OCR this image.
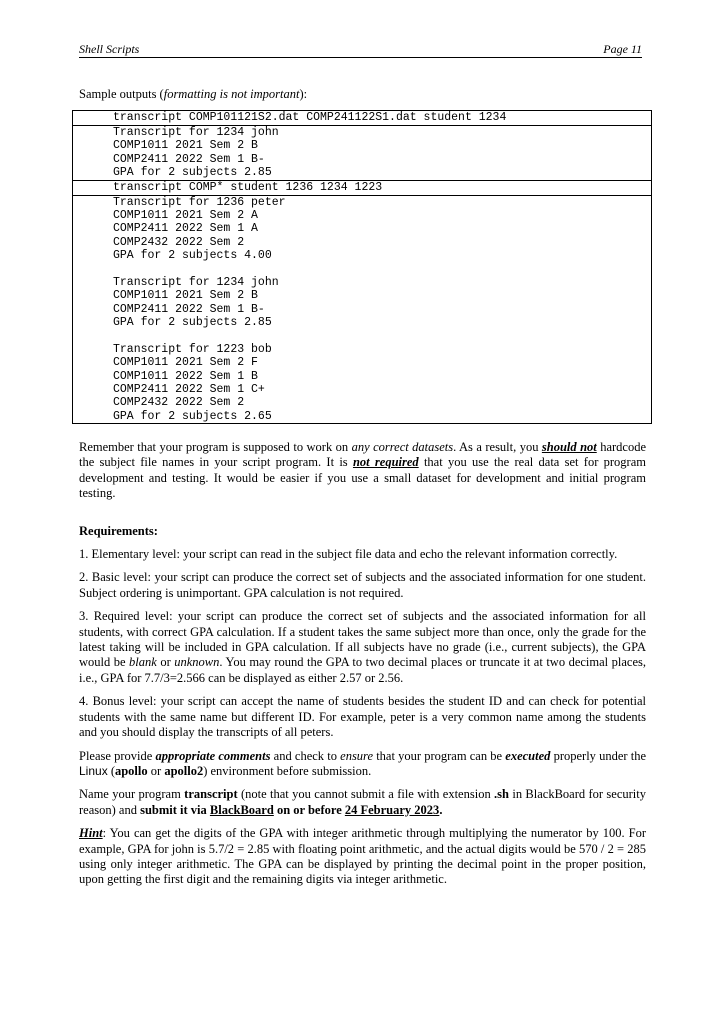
Shell Scripts	Page 11
Sample outputs (formatting is not important):
transcript COMP101121S2.dat COMP241122S1.dat student 1234
Transcript for 1234 john
COMP1011 2021 Sem 2 B
COMP2411 2022 Sem 1 B-
GPA for 2 subjects 2.85
transcript COMP* student 1236 1234 1223
Transcript for 1236 peter
COMP1011 2021 Sem 2 A
COMP2411 2022 Sem 1 A
COMP2432 2022 Sem 2
GPA for 2 subjects 4.00
Transcript for 1234 john
COMP1011 2021 Sem 2 B
COMP2411 2022 Sem 1 B-
GPA for 2 subjects 2.85
Transcript for 1223 bob
COMP1011 2021 Sem 2 F
COMP1011 2022 Sem 1 B
COMP2411 2022 Sem 1 C+
COMP2432 2022 Sem 2
GPA for 2 subjects 2.65

Remember that your program is supposed to work on any correct datasets. As a result, you should not hardcode the subject file names in your script program. It is not required that you use the real data set for program development and testing. It would be easier if you use a small dataset for development and initial program testing.

Requirements:

1. Elementary level: your script can read in the subject file data and echo the relevant information correctly.

2. Basic level: your script can produce the correct set of subjects and the associated information for one student. Subject ordering is unimportant. GPA calculation is not required.

3. Required level: your script can produce the correct set of subjects and the associated information for all students, with correct GPA calculation. If a student takes the same subject more than once, only the grade for the latest taking will be included in GPA calculation. If all subjects have no grade (i.e., current subjects), the GPA would be blank or unknown. You may round the GPA to two decimal places or truncate it at two decimal places, i.e., GPA for 7.7/3=2.566 can be displayed as either 2.57 or 2.56.

4. Bonus level: your script can accept the name of students besides the student ID and can check for potential students with the same name but different ID. For example, peter is a very common name among the students and you should display the transcripts of all peters.

Please provide appropriate comments and check to ensure that your program can be executed properly under the Linux (apollo or apollo2) environment before submission.

Name your program transcript (note that you cannot submit a file with extension .sh in BlackBoard for security reason) and submit it via BlackBoard on or before 24 February 2023.

Hint: You can get the digits of the GPA with integer arithmetic through multiplying the numerator by 100. For example, GPA for john is 5.7/2 = 2.85 with floating point arithmetic, and the actual digits would be 570 / 2 = 285 using only integer arithmetic. The GPA can be displayed by printing the decimal point in the proper position, upon getting the first digit and the remaining digits via integer arithmetic.
